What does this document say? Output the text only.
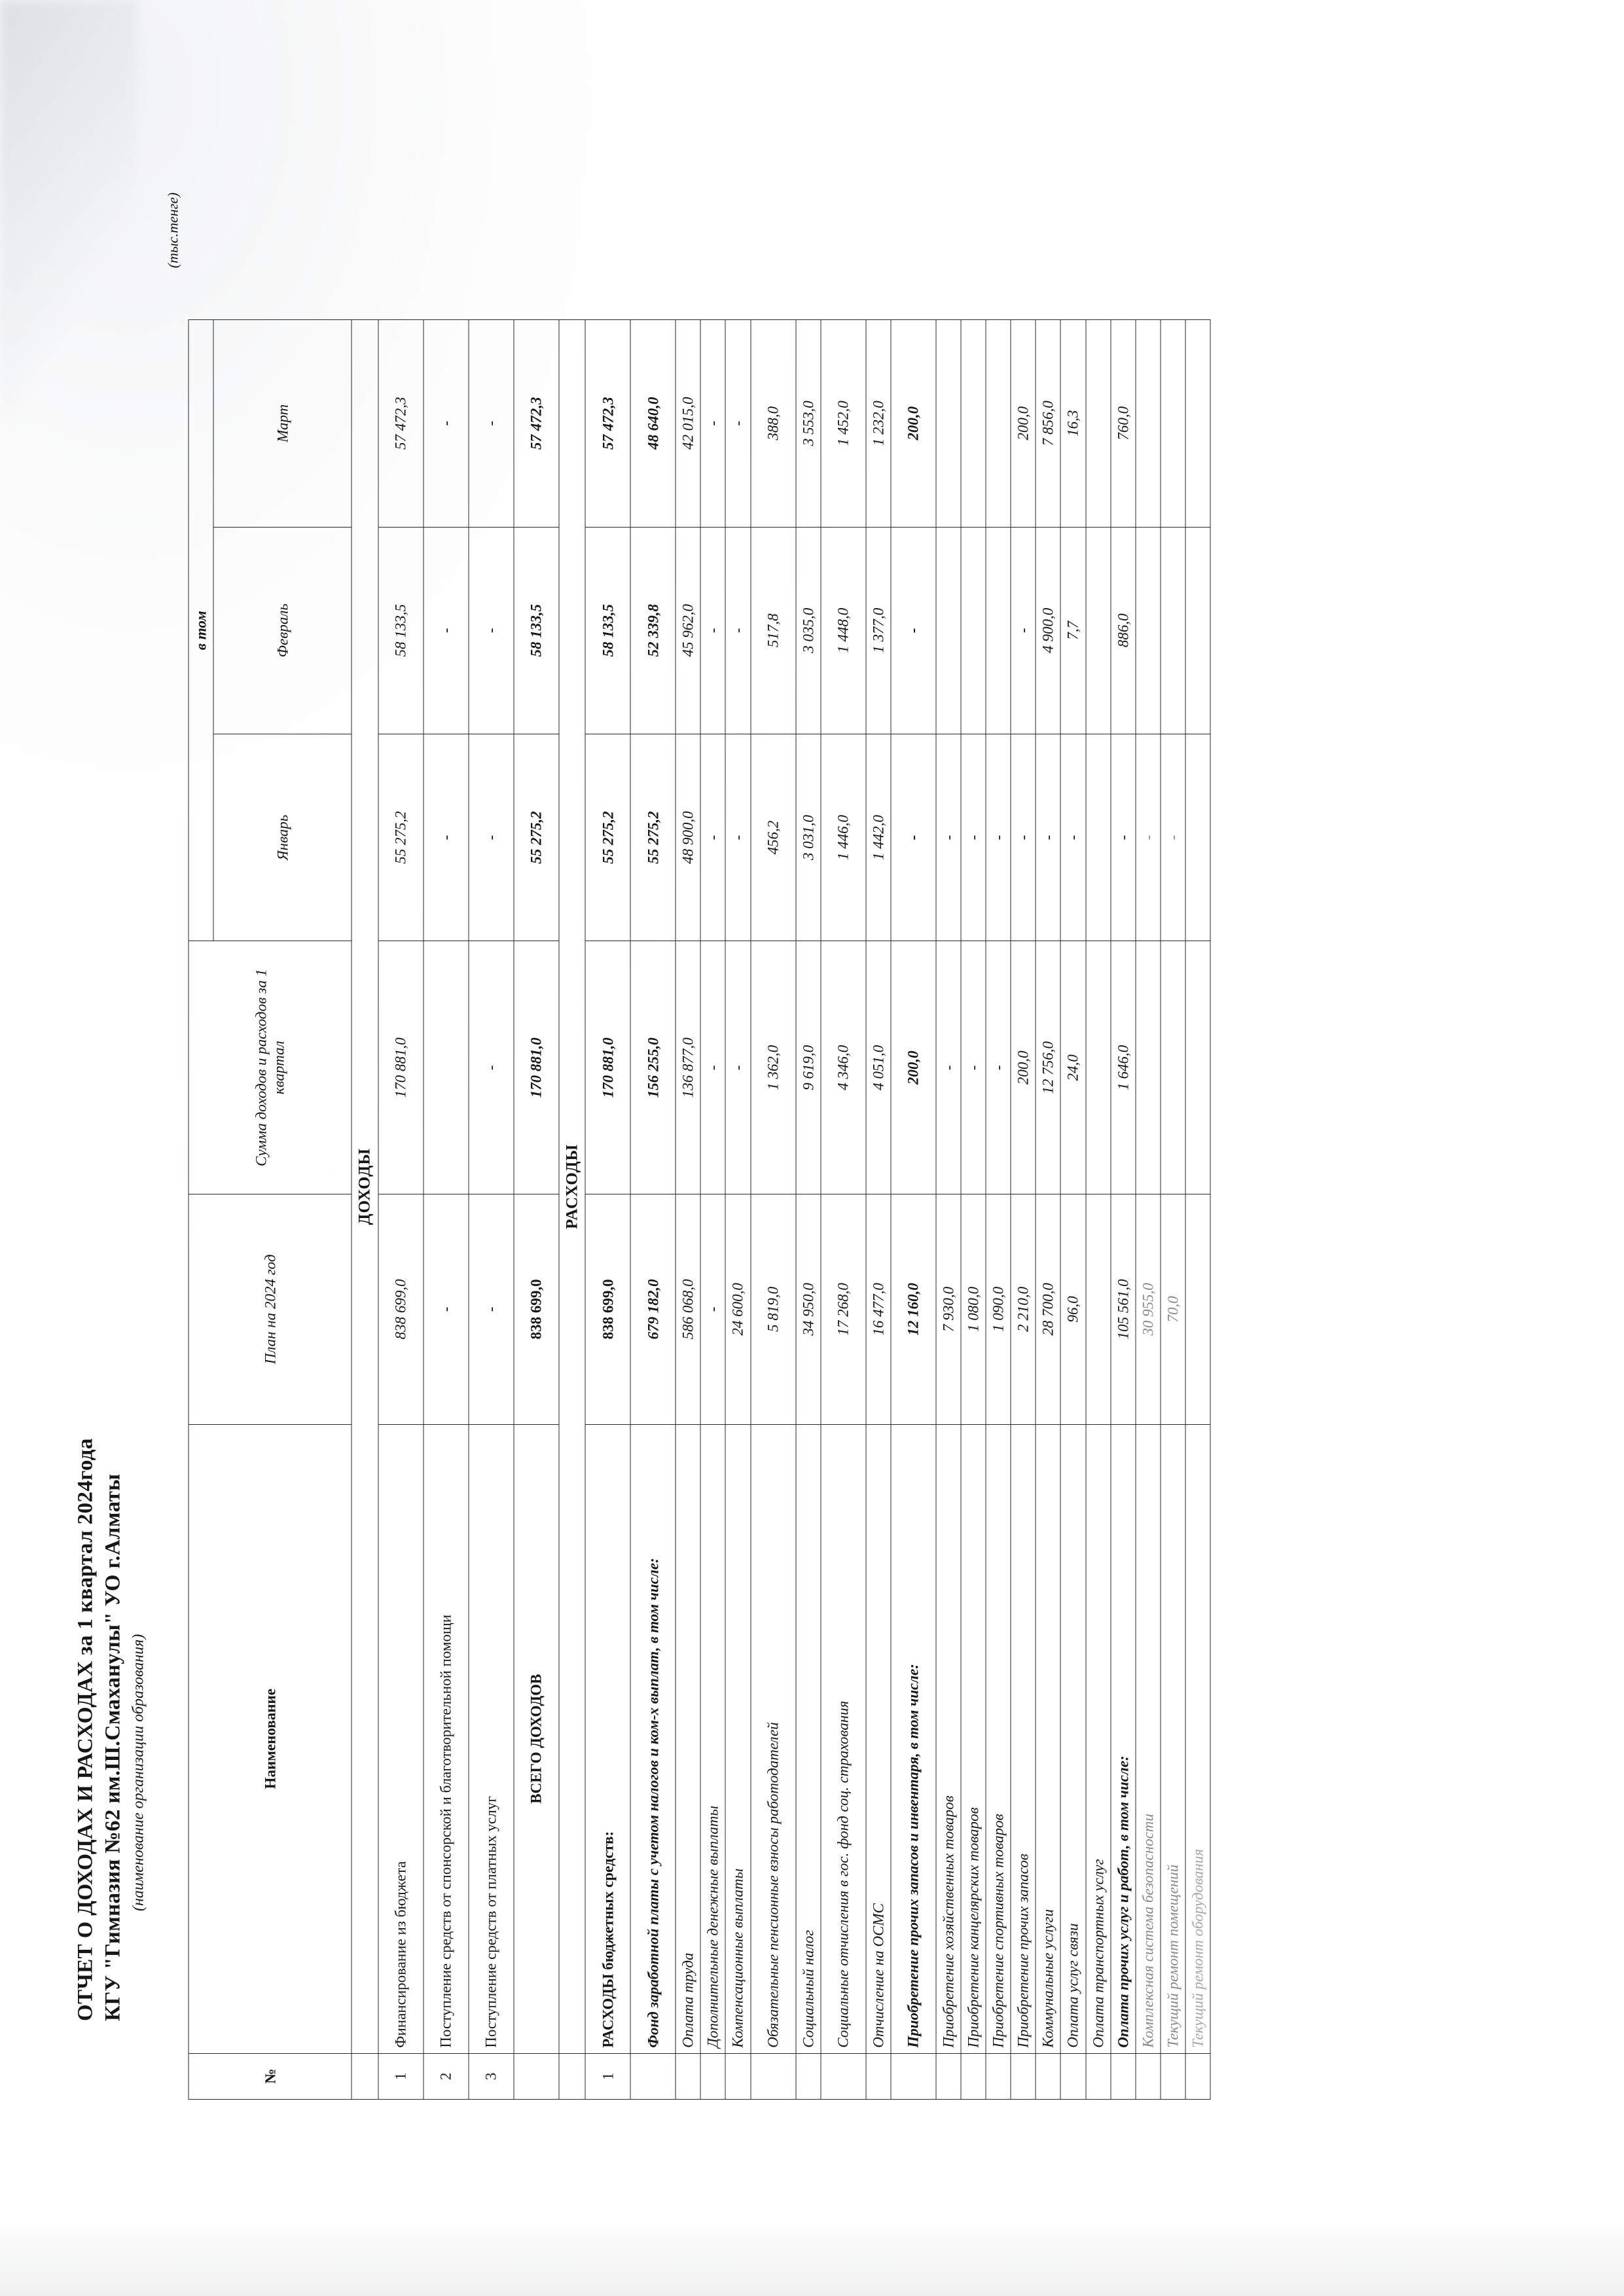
ОТЧЕТ О ДОХОДАХ И РАСХОДАХ за 1 квартал 2024года КГУ "Гимназия №62 им.Ш.Смаханулы" УО г.Алматы (наименование организации образования)
(тыс.тенге)
№	Наименование	План на 2024 год	Сумма доходов и расходов за 1 квартал	в том		
				Январь	Февраль	Март
	ДОХОДЫ					
1	Финансирование из бюджета	838 699,0	170 881,0	55 275,2	58 133,5	57 472,3
2	Поступление средств от спонсорской и благотворительной помощи	-		-	-	-
3	Поступление средств от платных услуг	-	-	-	-	-
	ВСЕГО ДОХОДОВ	838 699,0	170 881,0	55 275,2	58 133,5	57 472,3
	РАСХОДЫ					
1	РАСХОДЫ бюджетных средств:	838 699,0	170 881,0	55 275,2	58 133,5	57 472,3
	Фонд заработной платы с учетом налогов и ком-х выплат, в том числе:	679 182,0	156 255,0	55 275,2	52 339,8	48 640,0
	Оплата труда	586 068,0	136 877,0	48 900,0	45 962,0	42 015,0
	Дополнительные денежные выплаты	-	-	-	-	-
	Компенсационные выплаты	24 600,0	-	-	-	-
	Обязательные пенсионные взносы работодателей	5 819,0	1 362,0	456,2	517,8	388,0
	Социальный налог	34 950,0	9 619,0	3 031,0	3 035,0	3 553,0
	Социальные отчисления в гос. фонд соц. страхования	17 268,0	4 346,0	1 446,0	1 448,0	1 452,0
	Отчисление на ОСМС	16 477,0	4 051,0	1 442,0	1 377,0	1 232,0
	Приобретение прочих запасов и инвентаря, в том числе:	12 160,0	200,0	-	-	200,0
	Приобретение хозяйственных товаров	7 930,0	-	-		
	Приобретение канцелярских товаров	1 080,0	-	-		
	Приобретение спортивных товаров	1 090,0	-	-		
	Приобретение прочих запасов	2 210,0	200,0	-	-	200,0
	Коммунальные услуги	28 700,0	12 756,0	-	4 900,0	7 856,0
	Оплата услуг связи	96,0	24,0	-	7,7	16,3
	Оплата транспортных услуг					
	Оплата прочих услуг и работ, в том числе:	105 561,0	1 646,0	-	886,0	760,0
	Комплексная система безопасности	30 955,0		-		
	Текущий ремонт помещений	70,0		-		
	Текущий ремонт оборудования					
